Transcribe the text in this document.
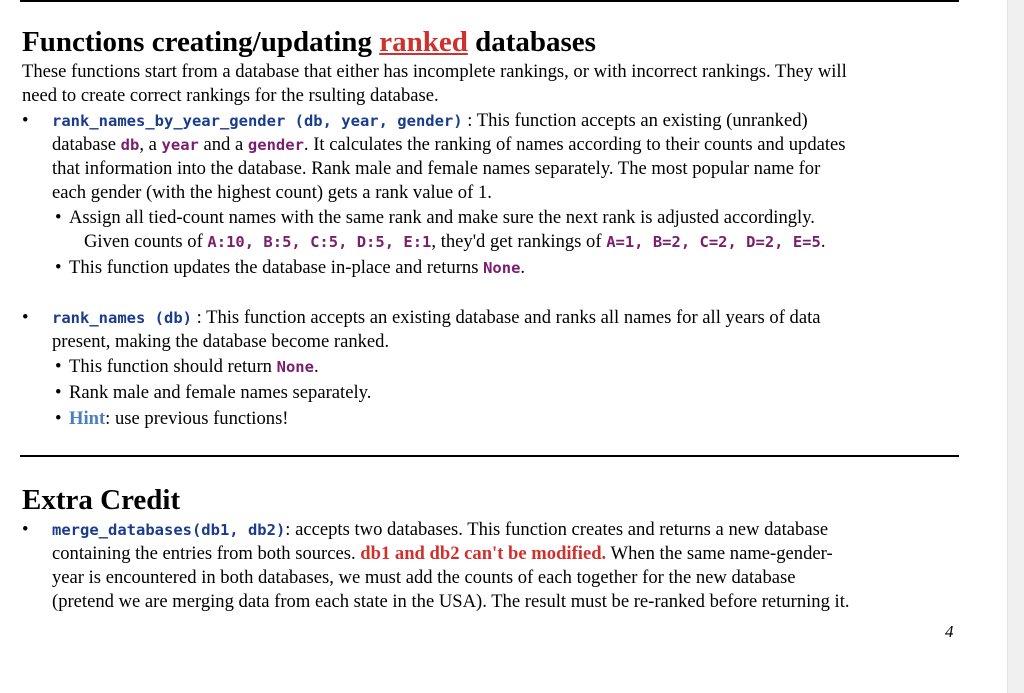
Functions creating/updating ranked databases
These functions start from a database that either has incomplete rankings, or with incorrect rankings. They will
need to create correct rankings for the rsulting database.
•	rank_names_by_year_gender (db, year, gender) : This function accepts an existing (unranked)
database db, a year and a gender. It calculates the ranking of names according to their counts and updates
that information into the database. Rank male and female names separately. The most popular name for
each gender (with the highest count) gets a rank value of 1.
• Assign all tied-count names with the same rank and make sure the next rank is adjusted accordingly.
Given counts of A:10, B:5, C:5, D:5, E:1, they'd get rankings of A=1, B=2, C=2, D=2, E=5.
• This function updates the database in-place and returns None.
•	rank_names (db) : This function accepts an existing database and ranks all names for all years of data
present, making the database become ranked.
• This function should return None.
• Rank male and female names separately.
• Hint: use previous functions!
Extra Credit
•	merge_databases(db1, db2): accepts two databases. This function creates and returns a new database
containing the entries from both sources. db1 and db2 can't be modified. When the same name-gender-
year is encountered in both databases, we must add the counts of each together for the new database
(pretend we are merging data from each state in the USA). The result must be re-ranked before returning it.
4
